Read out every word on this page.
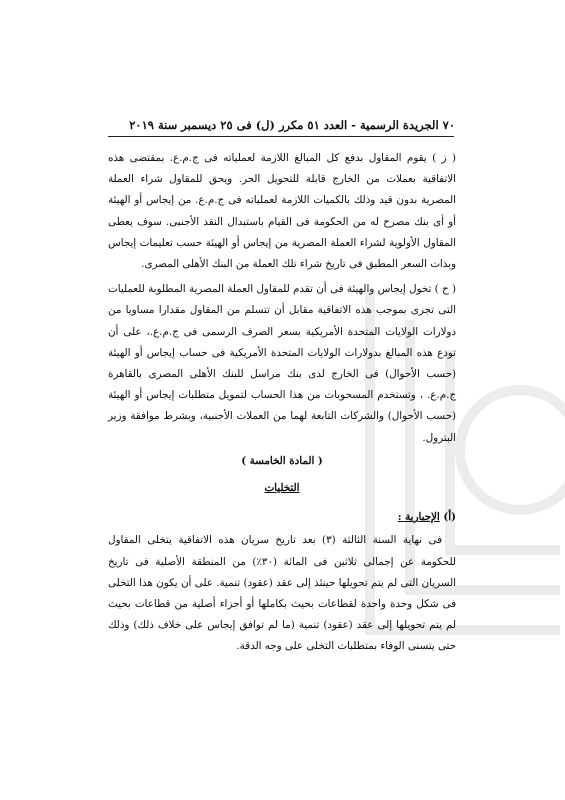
٧٠ الجريدة الرسمية - العدد ٥١ مكرر (ل) فى ٢٥ ديسمبر سنة ٢٠١٩

( ز ) يقوم المقاول بدفع كل المبالغ اللازمة لعملياته فى ج.م.ع. بمقتضى هذه الاتفاقية بعملات من الخارج قابلة للتحويل الحر. ويحق للمقاول شراء العملة المصرية بدون قيد وذلك بالكميات اللازمة لعملياته فى ج.م.ع. من إيجاس أو الهيئة أو أى بنك مصرح له من الحكومة فى القيام باستبدال النقد الأجنبى. سوف يعطى المقاول الأولوية لشراء العملة المصرية من إيجاس أو الهيئة حسب تعليمات إيجاس وبذات السعر المطبق فى تاريخ شراء تلك العملة من البنك الأهلى المصرى.

( ح ) تخول إيجاس والهيئة فى أن تقدم للمقاول العملة المصرية المطلوبة للعمليات التى تجرى بموجب هذه الاتفاقية مقابل أن تتسلم من المقاول مقدارا مساويا من دولارات الولايات المتحدة الأمريكية بسعر الصرف الرسمى فى ج.م.ع.، على أن تودع هذه المبالغ بدولارات الولايات المتحدة الأمريكية فى حساب إيجاس أو الهيئة (حسب الأحوال) فى الخارج لدى بنك مراسل للبنك الأهلى المصرى بالقاهرة ج.م.ع. ، وتستخدم المسحوبات من هذا الحساب لتمويل متطلبات إيجاس أو الهيئة (حسب الأحوال) والشركات التابعة لهما من العملات الأجنبية، وبشرط موافقة وزير البترول.

( المادة الخامسة )
التخليات
(أ) الإجبارية :

فى نهاية السنة الثالثة (٣) بعد تاريخ سريان هذه الاتفاقية يتخلى المقاول للحكومة عن إجمالى ثلاثين فى المائة (٣٠٪) من المنطقة الأصلية فى تاريخ السريان التى لم يتم تحويلها حينئذ إلى عقد (عقود) تنمية. على أن يكون هذا التخلى فى شكل وحدة واحدة لقطاعات بحيث بكاملها أو أجزاء أصلية من قطاعات بحيث لم يتم تحويلها إلى عقد (عقود) تنمية (ما لم توافق إيجاس على خلاف ذلك) وذلك حتى يتسنى الوفاء بمتطلبات التخلى على وجه الدقة.
